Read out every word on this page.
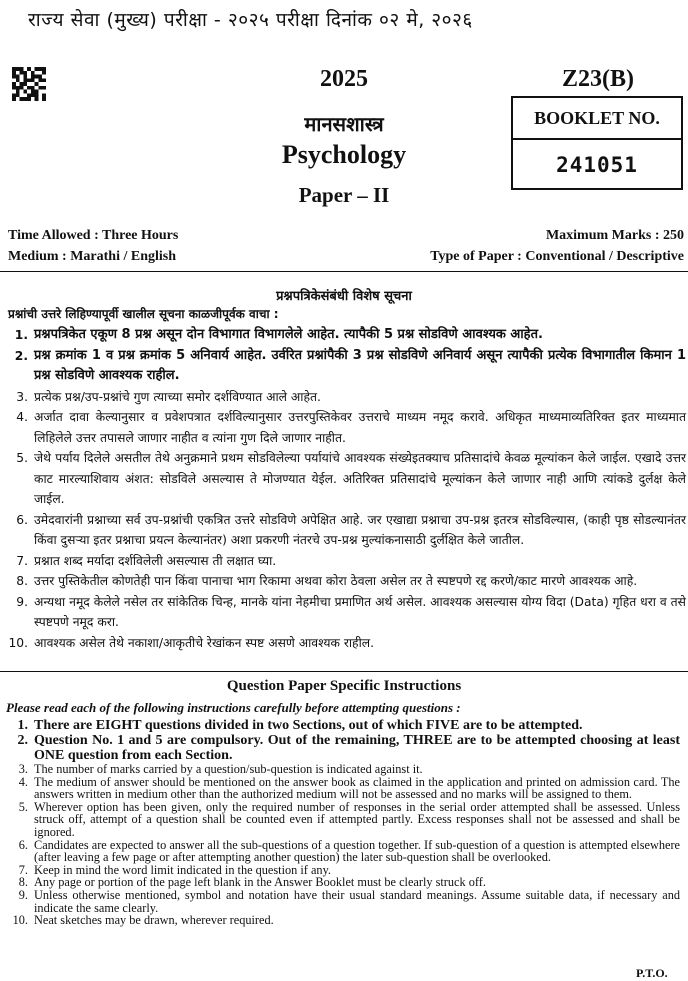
राज्य सेवा (मुख्य) परीक्षा - २०२५ परीक्षा दिनांक ०२ मे, २०२६
2025
मानसशास्त्र
Psychology
Paper – II
Z23(B)
BOOKLET NO.
241051
Time Allowed : Three Hours	Maximum Marks : 250
Medium : Marathi / English	Type of Paper : Conventional / Descriptive
प्रश्नपत्रिकेसंबंधी विशेष सूचना
प्रश्नांची उत्तरे लिहिण्यापूर्वी खालील सूचना काळजीपूर्वक वाचा :
1. प्रश्नपत्रिकेत एकूण 8 प्रश्न असून दोन विभागात विभागलेले आहेत. त्यापैकी 5 प्रश्न सोडविणे आवश्यक आहेत.
2. प्रश्न क्रमांक 1 व प्रश्न क्रमांक 5 अनिवार्य आहेत. उर्वरित प्रश्नांपैकी 3 प्रश्न सोडविणे अनिवार्य असून त्यापैकी प्रत्येक विभागातील किमान 1 प्रश्न सोडविणे आवश्यक राहील.
3. प्रत्येक प्रश्न/उप-प्रश्नांचे गुण त्याच्या समोर दर्शविण्यात आले आहेत.
4. अर्जात दावा केल्यानुसार व प्रवेशपत्रात दर्शविल्यानुसार उत्तरपुस्तिकेवर उत्तराचे माध्यम नमूद करावे. अधिकृत माध्यमाव्यतिरिक्त इतर माध्यमात लिहिलेले उत्तर तपासले जाणार नाहीत व त्यांना गुण दिले जाणार नाहीत.
5. जेथे पर्याय दिलेले असतील तेथे अनुक्रमाने प्रथम सोडविलेल्या पर्यायांचे आवश्यक संख्येइतक्याच प्रतिसादांचे केवळ मूल्यांकन केले जाईल. एखादे उत्तर काट मारल्याशिवाय अंशत: सोडविले असल्यास ते मोजण्यात येईल. अतिरिक्त प्रतिसादांचे मूल्यांकन केले जाणार नाही आणि त्यांकडे दुर्लक्ष केले जाईल.
6. उमेदवारांनी प्रश्नाच्या सर्व उप-प्रश्नांची एकत्रित उत्तरे सोडविणे अपेक्षित आहे. जर एखाद्या प्रश्नाचा उप-प्रश्न इतरत्र सोडविल्यास, (काही पृष्ठ सोडल्यानंतर किंवा दुसऱ्या इतर प्रश्नाचा प्रयत्न केल्यानंतर) अशा प्रकरणी नंतरचे उप-प्रश्न मुल्यांकनासाठी दुर्लक्षित केले जातील.
7. प्रश्नात शब्द मर्यादा दर्शविलेली असल्यास ती लक्षात घ्या.
8. उत्तर पुस्तिकेतील कोणतेही पान किंवा पानाचा भाग रिकामा अथवा कोरा ठेवला असेल तर ते स्पष्टपणे रद्द करणे/काट मारणे आवश्यक आहे.
9. अन्यथा नमूद केलेले नसेल तर सांकेतिक चिन्ह, मानके यांना नेहमीचा प्रमाणित अर्थ असेल. आवश्यक असल्यास योग्य विदा (Data) गृहित धरा व तसे स्पष्टपणे नमूद करा.
10. आवश्यक असेल तेथे नकाशा/आकृतीचे रेखांकन स्पष्ट असणे आवश्यक राहील.
Question Paper Specific Instructions
Please read each of the following instructions carefully before attempting questions :
1. There are EIGHT questions divided in two Sections, out of which FIVE are to be attempted.
2. Question No. 1 and 5 are compulsory. Out of the remaining, THREE are to be attempted choosing at least ONE question from each Section.
3. The number of marks carried by a question/sub-question is indicated against it.
4. The medium of answer should be mentioned on the answer book as claimed in the application and printed on admission card. The answers written in medium other than the authorized medium will not be assessed and no marks will be assigned to them.
5. Wherever option has been given, only the required number of responses in the serial order attempted shall be assessed. Unless struck off, attempt of a question shall be counted even if attempted partly. Excess responses shall not be assessed and shall be ignored.
6. Candidates are expected to answer all the sub-questions of a question together. If sub-question of a question is attempted elsewhere (after leaving a few page or after attempting another question) the later sub-question shall be overlooked.
7. Keep in mind the word limit indicated in the question if any.
8. Any page or portion of the page left blank in the Answer Booklet must be clearly struck off.
9. Unless otherwise mentioned, symbol and notation have their usual standard meanings. Assume suitable data, if necessary and indicate the same clearly.
10. Neat sketches may be drawn, wherever required.
P.T.O.
